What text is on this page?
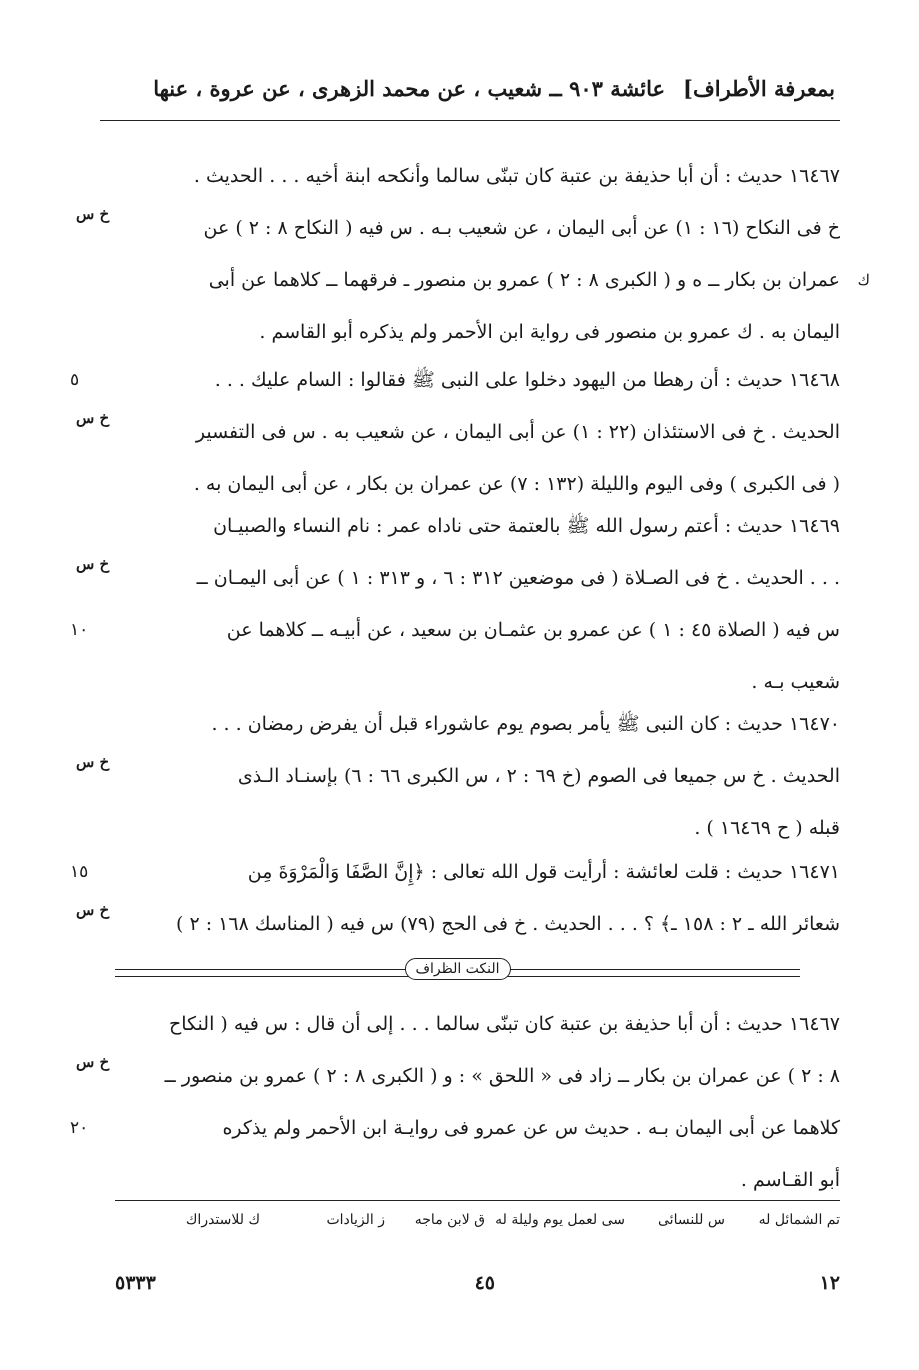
بمعرفة الأطراف]
عائشة ٩٠٣ ــ شعيب ، عن محمد الزهرى ، عن عروة ، عنها
١٦٤٦٧ حديث : أن أبا حذيفة بن عتبة كان تبنّى سالما وأنكحه ابنة أخيه . . . الحديث .
خ فى النكاح (١٦ : ١) عن أبى اليمان ، عن شعيب بـه . س فيه ( النكاح ٨ : ٢ ) عن
خ س
عمران بن بكار ــ ه و ( الكبرى ٨ : ٢ ) عمرو بن منصور ـ فرقهما ــ كلاهما عن أبى ك
اليمان به . ك عمرو بن منصور فى رواية ابن الأحمر ولم يذكره أبو القاسم .
١٦٤٦٨ حديث : أن رهطا من اليهود دخلوا على النبى ﷺ فقالوا : السام عليك . . .
٥
الحديث . خ فى الاستئذان (٢٢ : ١) عن أبى اليمان ، عن شعيب به . س فى التفسير
خ س
( فى الكبرى ) وفى اليوم والليلة (١٣٢ : ٧) عن عمران بن بكار ، عن أبى اليمان به .
١٦٤٦٩ حديث : أعتم رسول الله ﷺ بالعتمة حتى ناداه عمر : نام النساء والصبيـان
. . . الحديث . خ فى الصـلاة ( فى موضعين ٣١٢ : ٦ ، و ٣١٣ : ١ ) عن أبى اليمـان ــ
خ س
س فيه ( الصلاة ٤٥ : ١ ) عن عمرو بن عثمـان بن سعيد ، عن أبيـه ــ كلاهما عن
١٠
شعيب بـه .
١٦٤٧٠ حديث : كان النبى ﷺ يأمر بصوم يوم عاشوراء قبل أن يفرض رمضان . . .
الحديث . خ س جميعا فى الصوم (خ ٦٩ : ٢ ، س الكبرى ٦٦ : ٦) بإسنـاد الـذى
خ س
قبله ( ح ١٦٤٦٩ ) .
١٦٤٧١ حديث : قلت لعائشة : أرأيت قول الله تعالى : ﴿إِنَّ الصَّفَا وَالْمَرْوَةَ مِن
١٥
شعائر الله ـ ٢ : ١٥٨ ـ﴾ ؟ . . . الحديث . خ فى الحج (٧٩) س فيه ( المناسك ١٦٨ : ٢ )
خ س
النكت الظراف
١٦٤٦٧ حديث : أن أبا حذيفة بن عتبة كان تبنّى سالما . . . إلى أن قال : س فيه ( النكاح
٨ : ٢ ) عن عمران بن بكار ــ زاد فى « اللحق » : و ( الكبرى ٨ : ٢ ) عمرو بن منصور ــ
خ س
كلاهما عن أبى اليمان بـه . حديث س عن عمرو فى روايـة ابن الأحمر ولم يذكره
٢٠
أبو القـاسم .
تم الشمائل له
س للنسائى
سى لعمل يوم وليلة له
ق لابن ماجه
ز الزيادات
ك للاستدراك
١٢
٤٥
٥٣٣٣
